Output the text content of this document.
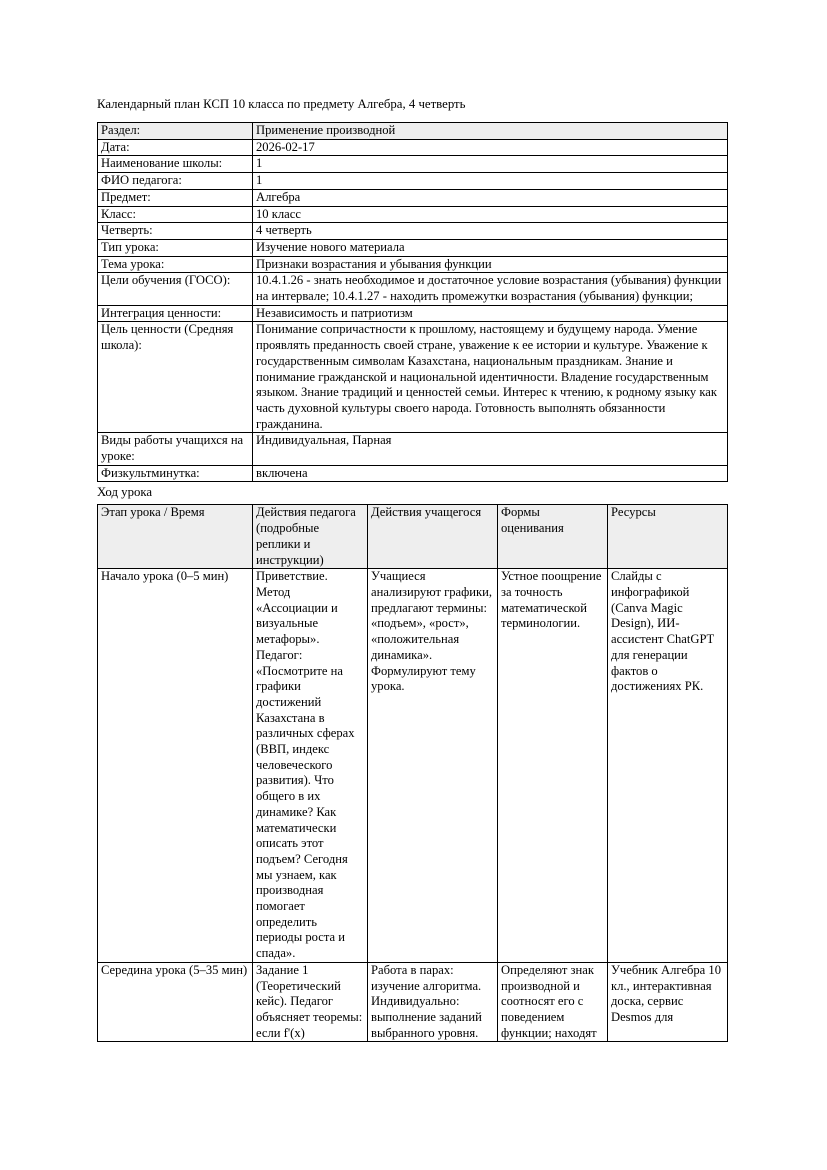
Календарный план КСП 10 класса по предмету Алгебра, 4 четверть
Раздел:	Применение производной
Дата:	2026-02-17
Наименование школы:	1
ФИО педагога:	1
Предмет:	Алгебра
Класс:	10 класс
Четверть:	4 четверть
Тип урока:	Изучение нового материала
Тема урока:	Признаки возрастания и убывания функции
Цели обучения (ГОСО):	10.4.1.26 - знать необходимое и достаточное условие возрастания (убывания) функции на интервале; 10.4.1.27 - находить промежутки возрастания (убывания) функции;
Интеграция ценности:	Независимость и патриотизм
Цель ценности (Средняя школа):	Понимание сопричастности к прошлому, настоящему и будущему народа. Умение проявлять преданность своей стране, уважение к ее истории и культуре. Уважение к государственным символам Казахстана, национальным праздникам. Знание и понимание гражданской и национальной идентичности. Владение государственным языком. Знание традиций и ценностей семьи. Интерес к чтению, к родному языку как часть духовной культуры своего народа. Готовность выполнять обязанности гражданина.
Виды работы учащихся на уроке:	Индивидуальная, Парная
Физкультминутка:	включена
Ход урока
Этап урока / Время	Действия педагога (подробные реплики и инструкции)	Действия учащегося	Формы оценивания	Ресурсы
Начало урока (0–5 мин)	Приветствие. Метод «Ассоциации и визуальные метафоры». Педагог: «Посмотрите на графики достижений Казахстана в различных сферах (ВВП, индекс человеческого развития). Что общего в их динамике? Как математически описать этот подъем? Сегодня мы узнаем, как производная помогает определить периоды роста и спада».	Учащиеся анализируют графики, предлагают термины: «подъем», «рост», «положительная динамика». Формулируют тему урока.	Устное поощрение за точность математической терминологии.	Слайды с инфографикой (Canva Magic Design), ИИ-ассистент ChatGPT для генерации фактов о достижениях РК.

Середина урока (5–35 мин)	Задание 1 (Теоретический кейс). Педагог объясняет теоремы: если f'(x)	Работа в парах: изучение алгоритма. Индивидуально: выполнение заданий выбранного уровня.	Определяют знак производной и соотносят его с поведением функции; находят	Учебник Алгебра 10 кл., интерактивная доска, сервис Desmos для
